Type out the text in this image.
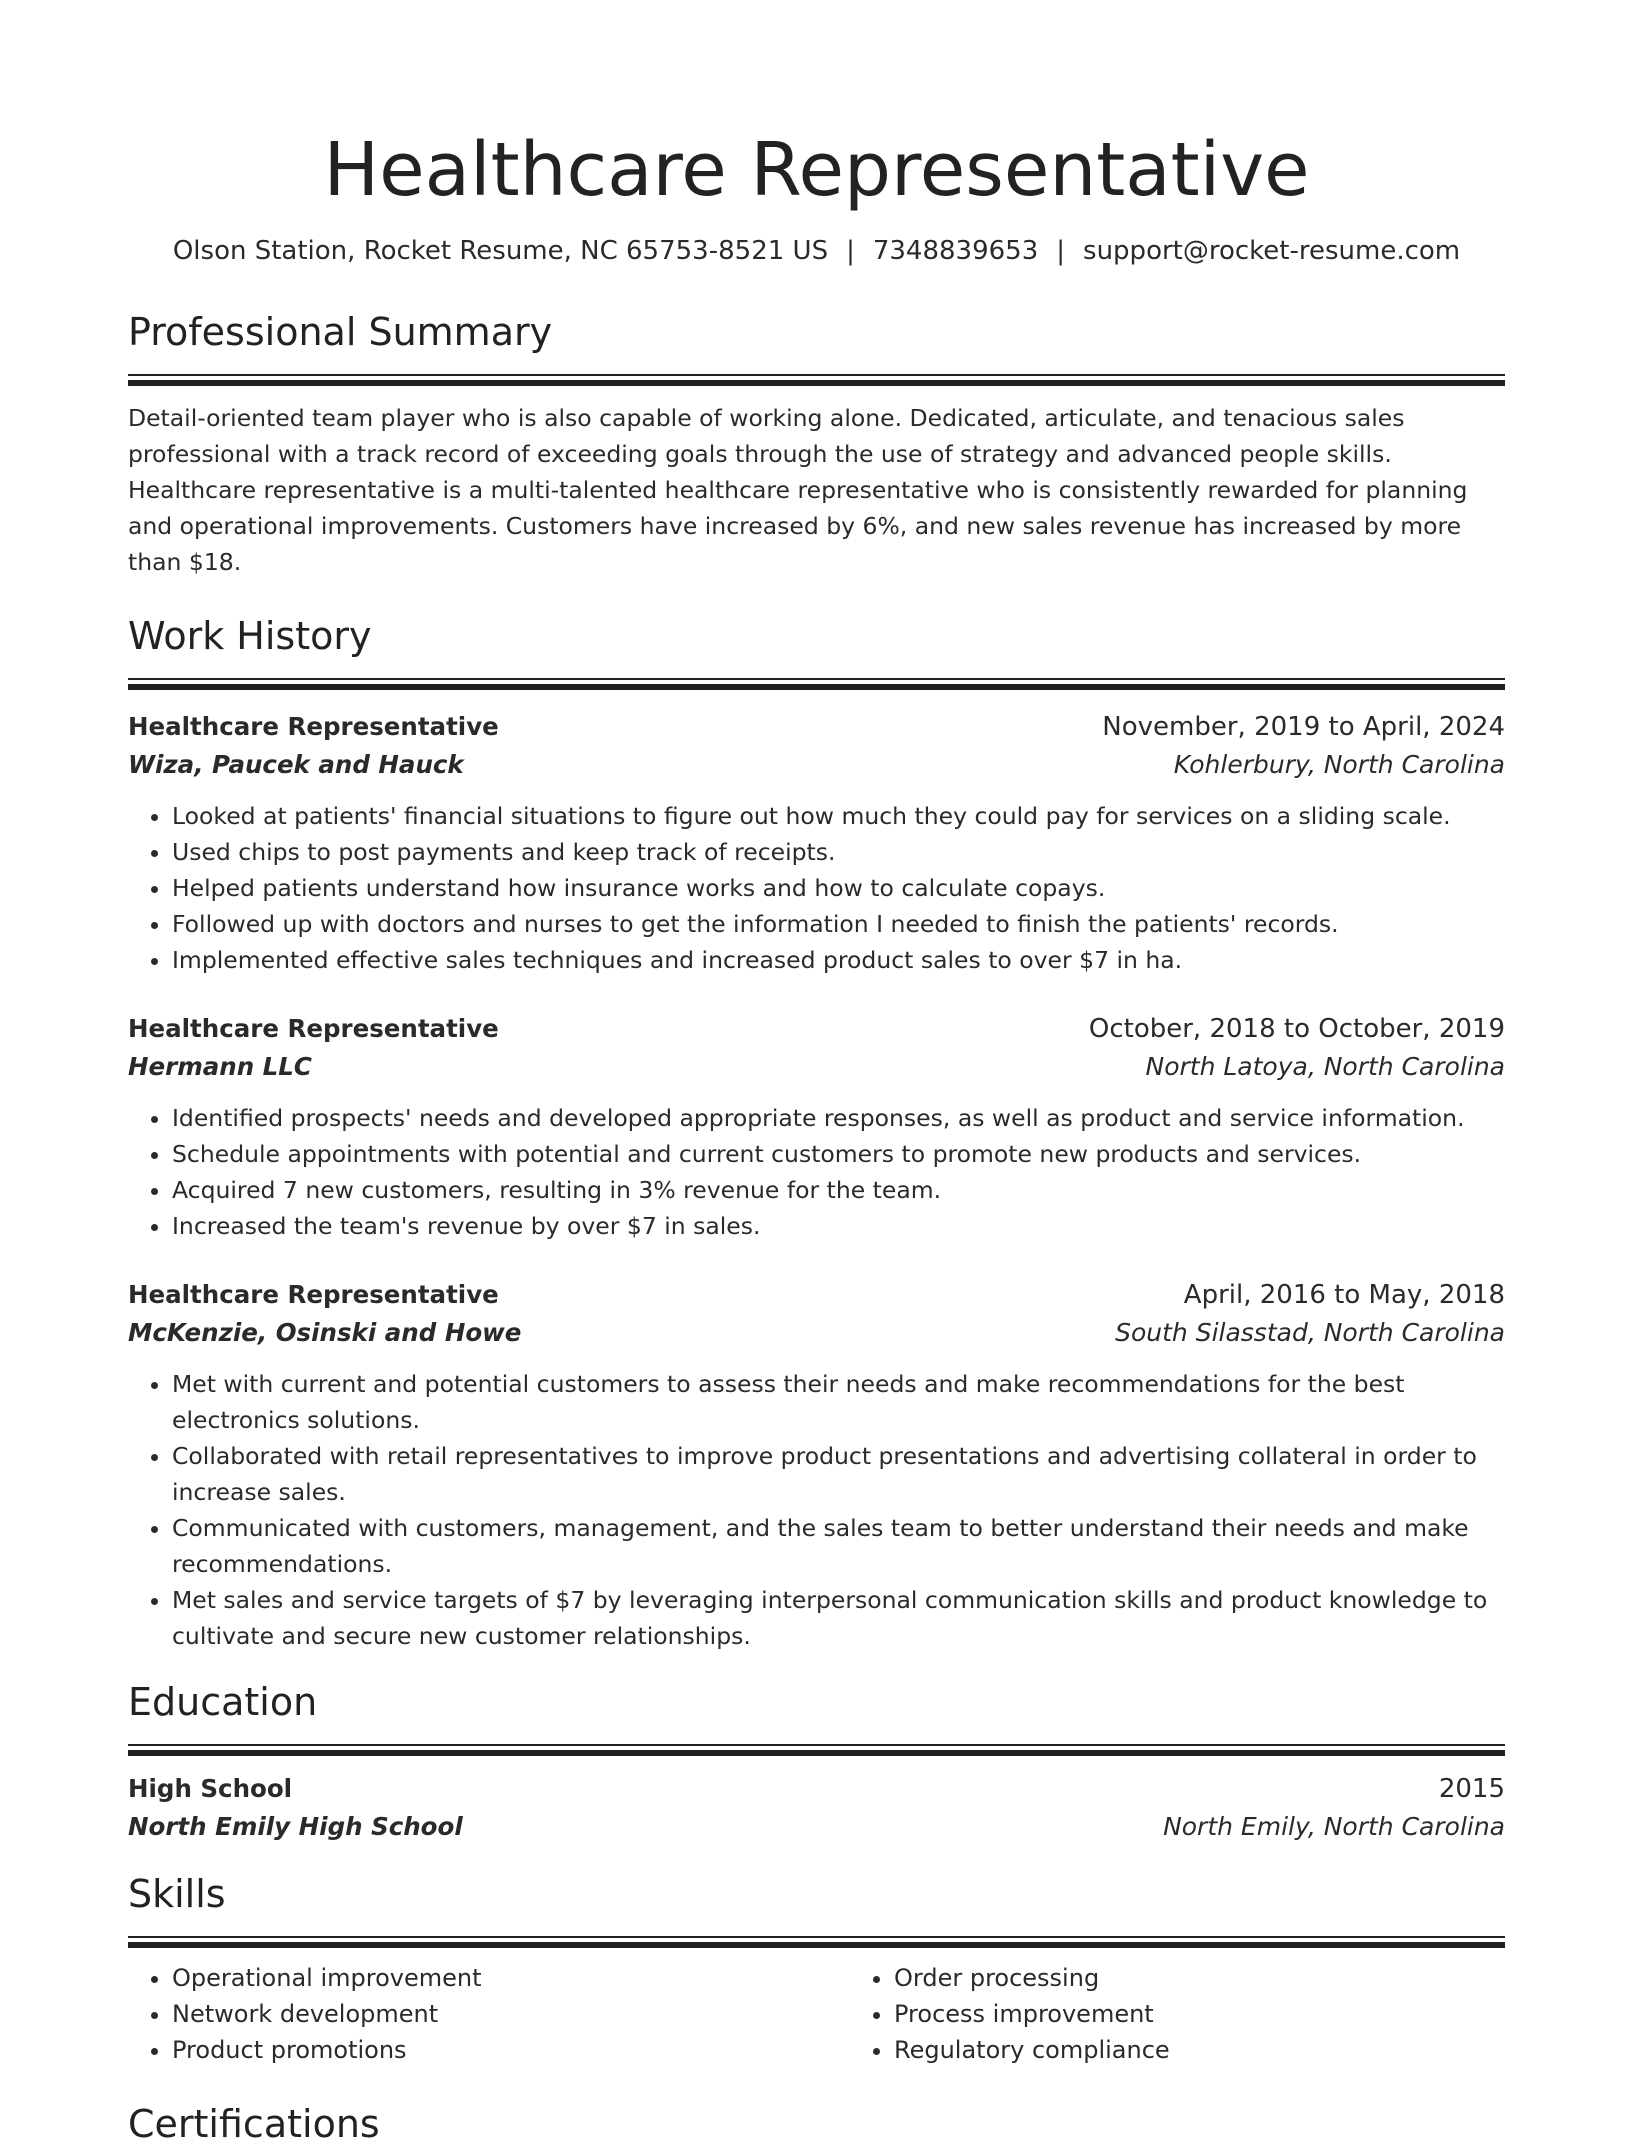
Healthcare Representative
Olson Station, Rocket Resume, NC 65753-8521 US | 7348839653 | support@rocket-resume.com
Professional Summary
Detail-oriented team player who is also capable of working alone. Dedicated, articulate, and tenacious sales professional with a track record of exceeding goals through the use of strategy and advanced people skills. Healthcare representative is a multi-talented healthcare representative who is consistently rewarded for planning and operational improvements. Customers have increased by 6%, and new sales revenue has increased by more than $18.
Work History
Healthcare Representative	November, 2019 to April, 2024
Wiza, Paucek and Hauck	Kohlerbury, North Carolina
• Looked at patients' financial situations to figure out how much they could pay for services on a sliding scale.
• Used chips to post payments and keep track of receipts.
• Helped patients understand how insurance works and how to calculate copays.
• Followed up with doctors and nurses to get the information I needed to finish the patients' records.
• Implemented effective sales techniques and increased product sales to over $7 in ha.
Healthcare Representative	October, 2018 to October, 2019
Hermann LLC	North Latoya, North Carolina
• Identified prospects' needs and developed appropriate responses, as well as product and service information.
• Schedule appointments with potential and current customers to promote new products and services.
• Acquired 7 new customers, resulting in 3% revenue for the team.
• Increased the team's revenue by over $7 in sales.
Healthcare Representative	April, 2016 to May, 2018
McKenzie, Osinski and Howe	South Silasstad, North Carolina
• Met with current and potential customers to assess their needs and make recommendations for the best electronics solutions.
• Collaborated with retail representatives to improve product presentations and advertising collateral in order to increase sales.
• Communicated with customers, management, and the sales team to better understand their needs and make recommendations.
• Met sales and service targets of $7 by leveraging interpersonal communication skills and product knowledge to cultivate and secure new customer relationships.
Education
High School	2015
North Emily High School	North Emily, North Carolina
Skills
• Operational improvement
• Network development
• Product promotions
• Order processing
• Process improvement
• Regulatory compliance
Certifications
